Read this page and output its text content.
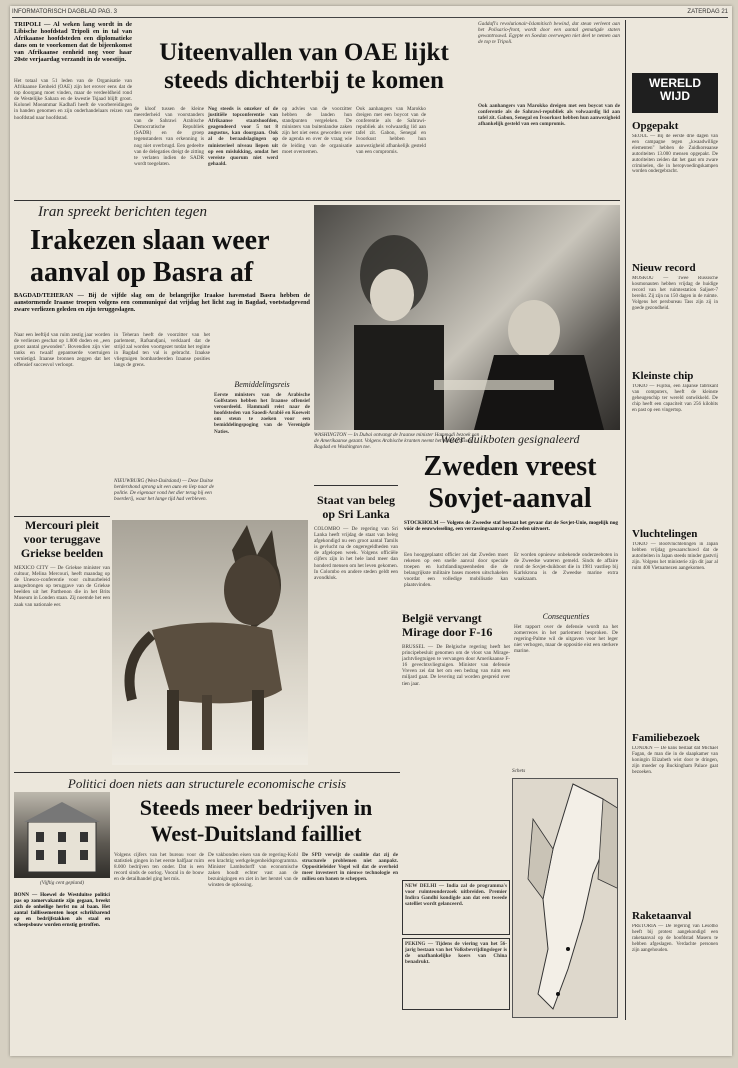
INFORMATORISCH DAGBLAD PAG. 3	ZATERDAG 21
TRIPOLI — Al weken lang wordt in de Libische hoofdstad Tripoli en in tal van Afrikaanse hoofdsteden een diplomatieke dans om te voorkomen dat de bijeenkomst van Afrikaanse eenheid nog voor haar 20ste verjaardag verzandt in de woestijn.
Het totaal van 51 leden van de Organisatie van Afrikaanse Eenheid (OAE) zijn het erover eens dat de top doorgang moet vinden, maar de verdeeldheid rond de Westelijke Sahara en de kwestie Tsjaad blijft groot. Kolonel Moeammar Kadhafi heeft de voorbereidingen in handen genomen en zijn onderhandelaars reizen van hoofdstad naar hoofdstad.
Uiteenvallen van OAE lijkt
steeds dichterbij te komen
de kloof tussen de kleine meerderheid van voorstanders van de Sahrawi Arabische Democratische Republiek (SADR) en de groep tegenstanders van erkenning is nog niet overbrugd. Een gedeelte van de delegaties dreigt de zitting te verlaten indien de SADR wordt toegelaten.
Nog steeds is onzeker of de justitiële topconferentie van Afrikaanse staatshoofden, geagendeerd voor 5 tot 8 augustus, kan doorgaan. Ook al de beraadslagingen op ministerieel niveau liepen uit op een mislukking, omdat het vereiste quorum niet werd gehaald.
op advies van de voorzitter hebben de landen hun standpunten vergeleken. De ministers van buitenlandse zaken zijn het niet eens geworden over de agenda en over de vraag wie de leiding van de organisatie moet overnemen.
Ook aanhangers van Marokko dreigen met een boycot van de conferentie als de Sahrawi-republiek als volwaardig lid aan tafel zit. Gabon, Senegal en Ivoorkust hebben hun aanwezigheid afhankelijk gesteld van een compromis.
Gaddafi's revolutionair-Islamitisch bewind, dat steun verleent aan het Polisario-front, wordt door een aantal gematigde staten gewantrouwd. Egypte en Soedan overwegen niet deel te nemen aan de top te Tripoli.
Ook aanhangers van Marokko dreigen met een boycot van de conferentie als de Sahrawi-republiek als volwaardig lid aan tafel zit. Gabon, Senegal en Ivoorkust hebben hun aanwezigheid afhankelijk gesteld van een compromis.
Iran spreekt berichten tegen
Irakezen slaan weer
aanval op Basra af
BAGDAD/TEHERAN — Bij de vijfde slag om de belangrijke Iraakse havenstad Basra hebben de aanstormende Iraanse troepen volgens een communiqué dat vrijdag het licht zag in Bagdad, voetstadgevend zware verliezen geleden en zijn teruggeslagen.
Naar een leeftijd van ruim zestig jaar worden de verliezen geschat op 1.800 doden en ,,een groot aantal gewonden". Bovendien zijn vier tanks en twaalf gepantserde voertuigen vernietigd. Iraanse bronnen zeggen dat het offensief succesvol verloopt.
in Teheran heeft de voorzitter van het parlement, Rafsandjani, verklaard dat de strijd zal worden voortgezet totdat het regime in Bagdad ten val is gebracht. Iraakse vliegtuigen bombardeerden Iraanse posities langs de grens.
Bemiddelingsreis
Eerste ministers van de Arabische Golfstaten hebben het Iraanse offensief veroordeeld. Hammadi reist naar de hoofdsteden van Saoedi-Arabië en Koeweit om steun te zoeken voor een bemiddelingspoging van de Verenigde Naties.
WASHINGTON — In Dubai ontvangt de Iraanse minister Hammadi bezoek van de Amerikaanse gezant. Volgens Arabische kranten neemt het contact tussen Bagdad en Washington toe.
NIEUWBURG (West-Duitsland) — Deze Duitse herdershond sprong uit een auto en liep naar de politie. De eigenaar vond het dier terug bij een boerderij, waar het lange tijd had verbleven.
Mercouri pleit
voor teruggave
Griekse beelden
MEXICO CITY — De Griekse minister van cultuur, Melina Mercouri, heeft maandag op de Unesco-conferentie voor cultuurbeleid aangedrongen op teruggave van de Griekse beelden uit het Parthenon die in het Brits Museum in Londen staan. Zij noemde het een zaak van nationale eer.
Staat van beleg
op Sri Lanka
COLOMBO — De regering van Sri Lanka heeft vrijdag de staat van beleg afgekondigd nu een groot aantal Tamils is gevlucht na de ongeregeldheden van de afgelopen week. Volgens officiële cijfers zijn in het hele land meer dan honderd mensen om het leven gekomen. In Colombo en andere steden geldt een avondklok.
Weer duikboten gesignaleerd
Zweden vreest
Sovjet-aanval
STOCKHOLM — Volgens de Zweedse staf bestaat het gevaar dat de Sovjet-Unie, mogelijk nog vóór de eeuwwisseling, een verrassingsaanval op Zweden uitvoert.
Een hooggeplaatst officier zei dat Zweden moet rekenen op een snelle aanval door speciale troepen en luchtlandingseenheden die de belangrijkste militaire bases moeten uitschakelen voordat een volledige mobilisatie kan plaatsvinden.
Er worden opnieuw onbekende onderzeeboten in de Zweedse wateren gemeld. Sinds de affaire rond de Sovjet-duikboot die in 1981 vastliep bij Karlskrona is de Zweedse marine extra waakzaam.
Consequenties
Het rapport over de defensie wordt na het zomerreces in het parlement besproken. De regering-Palme wil de uitgaven voor het leger niet verhogen, maar de oppositie eist een sterkere marine.
België vervangt
Mirage door F-16
BRUSSEL — De Belgische regering heeft het principebesluit genomen om de vloot van Mirage-jachtvliegtuigen te vervangen door Amerikaanse F-16 gevechtsvliegtuigen. Minister van defensie Vreven zei dat het om een bedrag van ruim een miljard gaat. De levering zal worden gespreid over tien jaar.
NEW DELHI — India zal de programma's voor ruimteonderzoek uitbreiden. Premier Indira Gandhi kondigde aan dat een tweede satelliet wordt gelanceerd.
PEKING — Tijdens de viering van het 56-jarig bestaan van het Volksbevrijdingsleger is de onafhankelijke koers van China benadrukt.
Schets
Politici doen niets aan structurele economische crisis
(Vijftig cent gepland)
Steeds meer bedrijven in
West-Duitsland failliet
BONN — Hoewel de Westduitse politici pas op zomervakantie zijn gegaan, breekt zich de onheilige herfst nu al baan. Het aantal faillissementen loopt schrikbarend op en bedrijfstakken als staal en scheepsbouw worden ernstig getroffen.
Volgens cijfers van het bureau voor de statistiek gingen in het eerste halfjaar ruim 8.000 bedrijven ten onder. Dat is een record sinds de oorlog. Vooral in de bouw en de detailhandel ging het mis.
De vakbonden eisen van de regering-Kohl een krachtig werkgelegenheidsprogramma. Minister Lambsdorff van economische zaken houdt echter vast aan de bezuinigingen en ziet in het herstel van de winsten de oplossing.
De SPD verwijt de coalitie dat zij de structurele problemen niet aanpakt. Oppositieleider Vogel wil dat de overheid meer investeert in nieuwe technologie en milieu om banen te scheppen.
WERELD
WIJD
Opgepakt
SEOUL — Bij de eerste drie dagen van een campagne tegen ,,kwaadwillige elementen" hebben de Zuidkoreaanse autoriteiten 13.000 mensen opgepakt. De autoriteiten zeiden dat het gaat om zware criminelen, die in heropvoedingskampen worden ondergebracht.
Nieuw record
MOSKOU — Twee Russische kosmonauten hebben vrijdag de huidige record van het ruimtestation Saljoet-7 bereikt. Zij zijn nu 150 dagen in de ruimte. Volgens het persbureau Tass zijn zij in goede gezondheid.
Kleinste chip
TOKIO — Fujitsu, een Japanse fabrikant van computers, heeft de kleinste geheugenchip ter wereld ontwikkeld. De chip heeft een capaciteit van 256 kilobits en past op een vingertop.
Vluchtelingen
TOKIO — Bootvluchtelingen in Japan hebben vrijdag gewaarschuwd dat de autoriteiten in Japan steeds minder gastvrij zijn. Volgens het ministerie zijn dit jaar al ruim 400 Vietnamezen aangekomen.
Familiebezoek
LONDEN — De kans bestaat dat Michael Fagan, de man die in de slaapkamer van koningin Elizabeth wist door te dringen, zijn moeder op Buckingham Palace gaat bezoeken.
Raketaanval
PRETORIA — De regering van Lesotho heeft bij protest aangekondigd een raketaanval op de hoofdstad Maseru te hebben afgeslagen. Verdachte personen zijn aangehouden.
